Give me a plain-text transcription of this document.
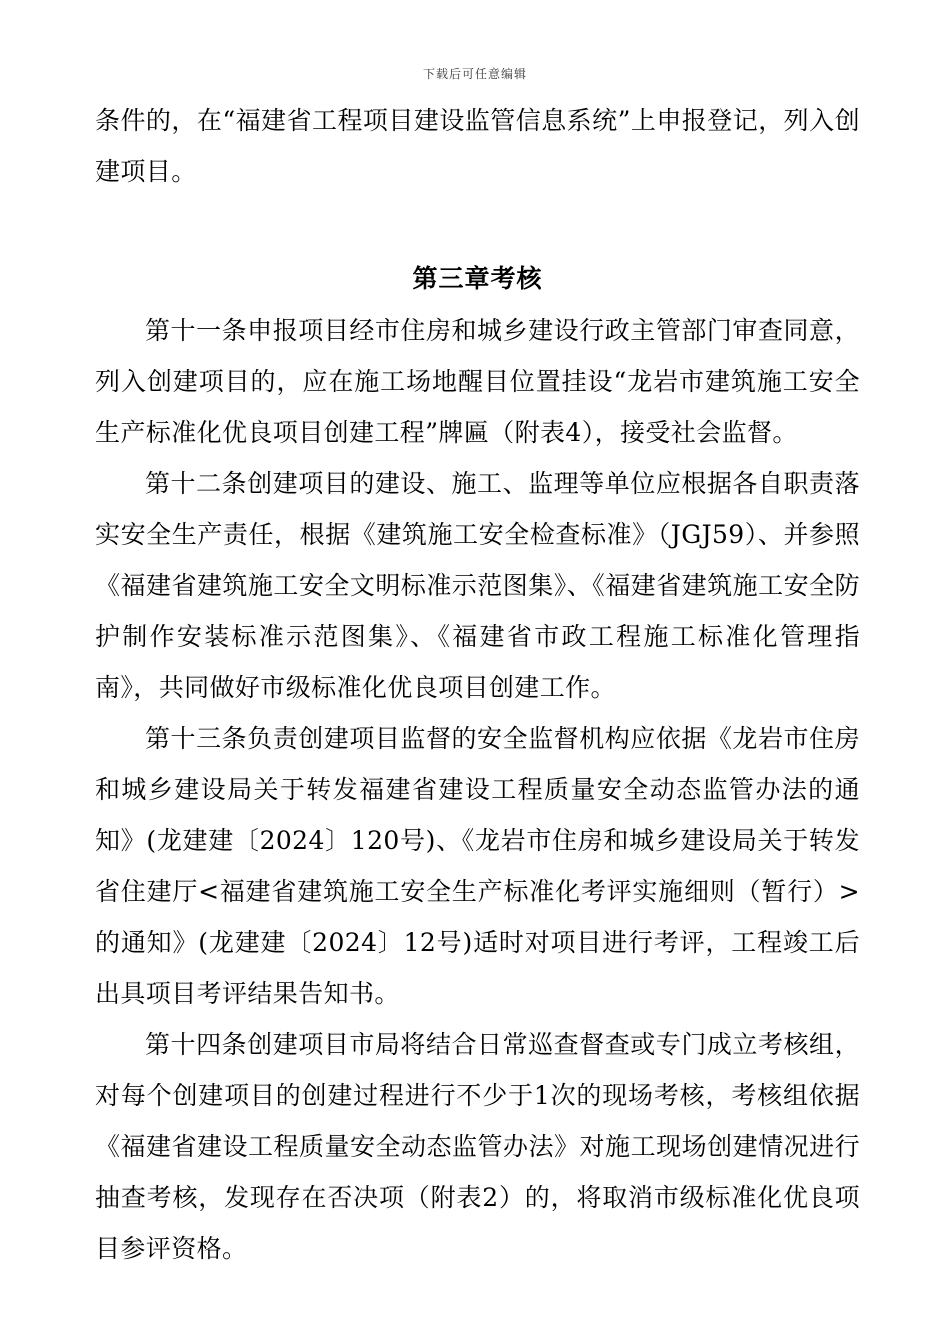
下载后可任意编辑

条件的，在“福建省工程项目建设监管信息系统”上申报登记，列入创建项目。

第三章考核

第十一条申报项目经市住房和城乡建设行政主管部门审查同意，列入创建项目的，应在施工场地醒目位置挂设“龙岩市建筑施工安全生产标准化优良项目创建工程”牌匾（附表4），接受社会监督。

第十二条创建项目的建设、施工、监理等单位应根据各自职责落实安全生产责任，根据《建筑施工安全检查标准》（JGJ59）、并参照《福建省建筑施工安全文明标准示范图集》、《福建省建筑施工安全防护制作安装标准示范图集》、《福建省市政工程施工标准化管理指南》，共同做好市级标准化优良项目创建工作。

第十三条负责创建项目监督的安全监督机构应依据《龙岩市住房和城乡建设局关于转发福建省建设工程质量安全动态监管办法的通知》(龙建建〔2024〕120号)、《龙岩市住房和城乡建设局关于转发省住建厅<福建省建筑施工安全生产标准化考评实施细则（暂行）>的通知》(龙建建〔2024〕12号)适时对项目进行考评，工程竣工后出具项目考评结果告知书。

第十四条创建项目市局将结合日常巡查督查或专门成立考核组，对每个创建项目的创建过程进行不少于1次的现场考核，考核组依据《福建省建设工程质量安全动态监管办法》对施工现场创建情况进行抽查考核，发现存在否决项（附表2）的，将取消市级标准化优良项目参评资格。
